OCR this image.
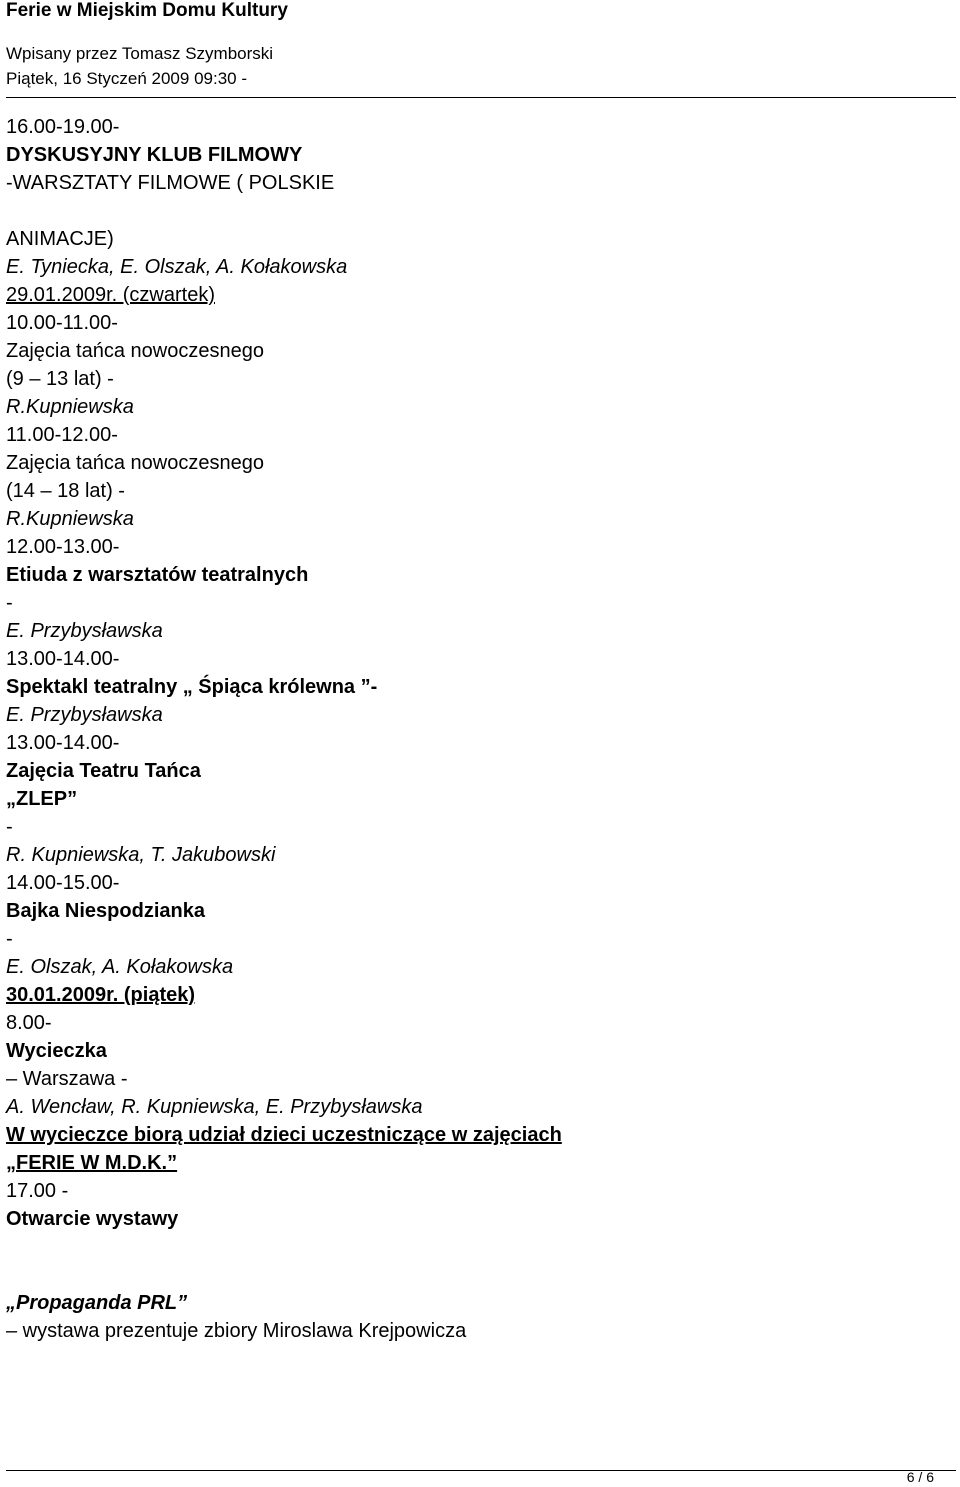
Ferie w Miejskim Domu Kultury
Wpisany przez Tomasz Szymborski
Piątek, 16 Styczeń 2009 09:30 -
16.00-19.00-
DYSKUSYJNY KLUB FILMOWY
-WARSZTATY FILMOWE ( POLSKIE
ANIMACJE)
E. Tyniecka, E. Olszak, A. Kołakowska
29.01.2009r. (czwartek)
10.00-11.00-
Zajęcia tańca nowoczesnego
(9 – 13 lat) -
R.Kupniewska
11.00-12.00-
Zajęcia tańca nowoczesnego
(14 – 18 lat) -
R.Kupniewska
12.00-13.00-
Etiuda z warsztatów teatralnych
-
E. Przybysławska
13.00-14.00-
Spektakl teatralny „ Śpiąca królewna ”-
E. Przybysławska
13.00-14.00-
Zajęcia Teatru Tańca
„ZLEP”
-
R. Kupniewska, T. Jakubowski
14.00-15.00-
Bajka Niespodzianka
-
E. Olszak, A. Kołakowska
30.01.2009r. (piątek)
8.00-
Wycieczka
– Warszawa -
A. Wencław, R. Kupniewska, E. Przybysławska
W wycieczce biorą udział dzieci uczestniczące w zajęciach
„FERIE W M.D.K.”
17.00 -
Otwarcie wystawy
„Propaganda PRL”
– wystawa prezentuje zbiory Miroslawa Krejpowicza
6 / 6
